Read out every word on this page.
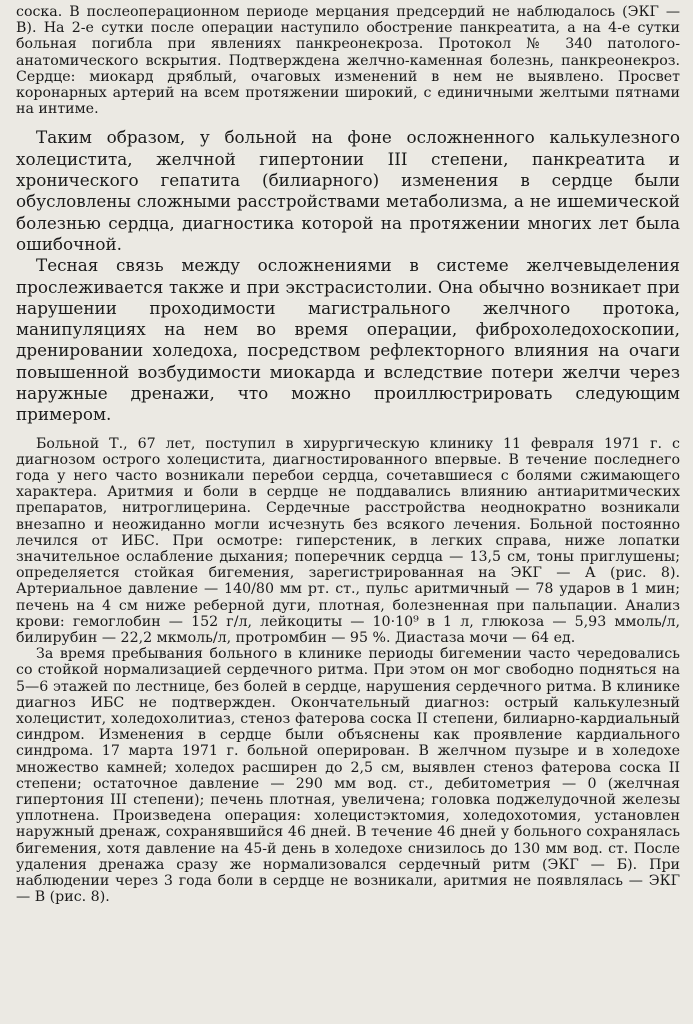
соска. В послеоперационном периоде мерцания предсердий не наблюдалось (ЭКГ — В). На 2-е сутки после операции наступило обострение панкреатита, а на 4-е сутки больная погибла при явлениях панкреонекроза. Протокол № 340 патолого-анатомического вскрытия. Подтверждена желчно-каменная болезнь, панкреонекроз. Сердце: миокард дряблый, очаговых изменений в нем не выявлено. Просвет коронарных артерий на всем протяжении широкий, с единичными желтыми пятнами на интиме.

Таким образом, у больной на фоне осложненного калькулезного холецистита, желчной гипертонии III степени, панкреатита и хронического гепатита (билиарного) изменения в сердце были обусловлены сложными расстройствами метаболизма, а не ишемической болезнью сердца, диагностика которой на протяжении многих лет была ошибочной.

Тесная связь между осложнениями в системе желчевыделения прослеживается также и при экстрасистолии. Она обычно возникает при нарушении проходимости магистрального желчного протока, манипуляциях на нем во время операции, фиброхоледохоскопии, дренировании холедоха, посредством рефлекторного влияния на очаги повышенной возбудимости миокарда и вследствие потери желчи через наружные дренажи, что можно проиллюстрировать следующим примером.

Больной Т., 67 лет, поступил в хирургическую клинику 11 февраля 1971 г. с диагнозом острого холецистита, диагностированного впервые. В течение последнего года у него часто возникали перебои сердца, сочетавшиеся с болями сжимающего характера. Аритмия и боли в сердце не поддавались влиянию антиаритмических препаратов, нитроглицерина. Сердечные расстройства неоднократно возникали внезапно и неожиданно могли исчезнуть без всякого лечения. Больной постоянно лечился от ИБС. При осмотре: гиперстеник, в легких справа, ниже лопатки значительное ослабление дыхания; поперечник сердца — 13,5 см, тоны приглушены; определяется стойкая бигемения, зарегистрированная на ЭКГ — А (рис. 8). Артериальное давление — 140/80 мм рт. ст., пульс аритмичный — 78 ударов в 1 мин; печень на 4 см ниже реберной дуги, плотная, болезненная при пальпации. Анализ крови: гемоглобин — 152 г/л, лейкоциты — 10·10⁹ в 1 л, глюкоза — 5,93 ммоль/л, билирубин — 22,2 мкмоль/л, протромбин — 95 %. Диастаза мочи — 64 ед.

За время пребывания больного в клинике периоды бигемении часто чередовались со стойкой нормализацией сердечного ритма. При этом он мог свободно подняться на 5—6 этажей по лестнице, без болей в сердце, нарушения сердечного ритма. В клинике диагноз ИБС не подтвержден. Окончательный диагноз: острый калькулезный холецистит, холедохолитиаз, стеноз фатерова соска II степени, билиарно-кардиальный синдром. Изменения в сердце были объяснены как проявление кардиального синдрома. 17 марта 1971 г. больной оперирован. В желчном пузыре и в холедохе множество камней; холедох расширен до 2,5 см, выявлен стеноз фатерова соска II степени; остаточное давление — 290 мм вод. ст., дебитометрия — 0 (желчная гипертония III степени); печень плотная, увеличена; головка поджелудочной железы уплотнена. Произведена операция: холецистэктомия, холедохотомия, установлен наружный дренаж, сохранявшийся 46 дней. В течение 46 дней у больного сохранялась бигемения, хотя давление на 45-й день в холедохе снизилось до 130 мм вод. ст. После удаления дренажа сразу же нормализовался сердечный ритм (ЭКГ — Б). При наблюдении через 3 года боли в сердце не возникали, аритмия не появлялась — ЭКГ — В (рис. 8).
